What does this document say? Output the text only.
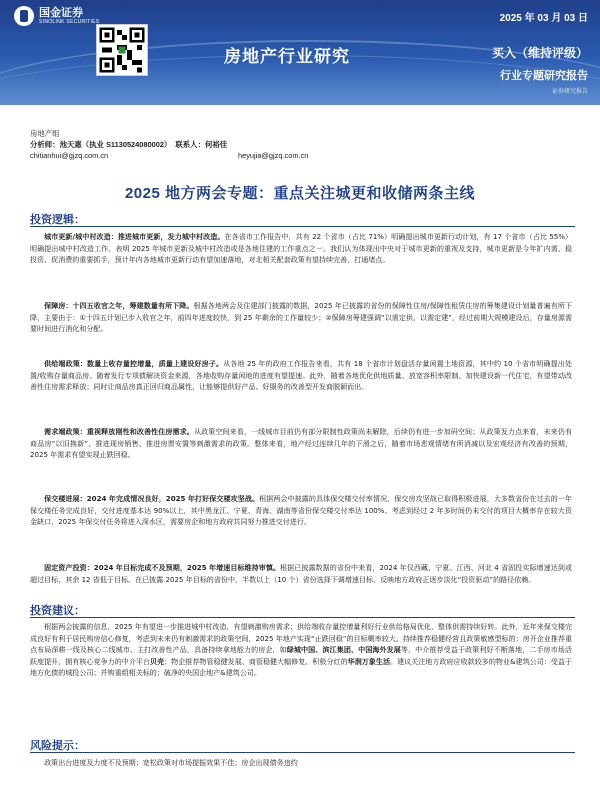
国金证券
SINOLINK SECURITIES	2025 年 03 月 03 日
房地产行业研究	买入（维持评级）
行业专题研究报告
证券研究报告
房地产组
分析师：池天惠（执业 S1130524080002） 联系人：何裕佳
chitianhui@gjzq.com.cn	heyujia@gjzq.com.cn
2025 地方两会专题：重点关注城更和收储两条主线
投资逻辑：
城市更新/城中村改造：推进城市更新，发力城中村改造。在各省市工作报告中，共有 22 个省市（占比 71%）明确提出城市更新行动计划，有 17 个省市（占比 55%）明确提出城中村改造工作，表明 2025 年城市更新及城中村改造或是各地住建的工作重点之一。我们认为体现出中央对于城市更新的重视及支持，城市更新是今年扩内需、稳投资、促消费的重要抓手，预计年内各地城市更新行动有望加速落地，对北相关配套政策有望持续完善，打通堵点。
保障房：十四五收官之年，筹建数量有所下降。根据各地两会及住建部门披露的数据，2025 年已披露的省份的保障性住房/保障性租赁住房的筹集建设计划量普遍有所下降，主要由于：①十四五计划已步入收官之年，前四年进度较快，到 25 年剩余的工作量较少；②保障房筹建强调“以需定供、以需定建”，经过前期大规模建设后，存量房源需要时间进行消化和分配。
供给端政策：数量上收存量控增量，质量上建设好房子。从各地 25 年的政府工作报告来看，共有 18 个省市计划盘活存量闲置土地资源，其中约 10 个省市明确提出处置/收购存量商品房。随着发行专项债解决资金来源，各地收购存量闲地的进度有望提速。此外，随着各地优化供地质量、放宽容积率限制、加快建设新一代住宅，有望带动改善性住房需求释放；同时让商品房真正回归商品属性，让能够提供好产品、好服务的改善型开发商脱颖而出。
需求端政策：重视释放刚性和改善性住房需求。从政策空间来看，一线城市目前仍有部分限制性政策尚未解除，后续仍有进一步加码空间；从政策发力点来看，未来仍有商品房“以旧换新”、推进现房销售、推进房票安置等刺激需求的政策。整体来看，地产经过连续几年的下滑之后，随着市场悲观情绪有所消减以及宏观经济有改善的预期，2025 年需求有望实现止跌回稳。
保交楼进展：2024 年完成情况良好，2025 年打好保交楼攻坚战。根据两会中披露的具体保交楼交付率情况，保交房攻坚战已取得积极进展，大多数省份在过去的一年保交楼任务完成良好，交付进度基本达 90%以上，其中黑龙江、宁夏、青海、湖南等省份保交楼交付率达 100%。考虑到经过 2 年多时间仍未交付的项目大概率存在较大资金缺口，2025 年保交付任务将进入深水区，需要房企和地方政府共同努力推进交付进行。
固定资产投资：2024 年目标完成不及预期，2025 年增速目标维持审慎。根据已披露数据的省份中来看，2024 年仅西藏、宁夏、江西、河北 4 省固投实际增速达到或超过目标，其余 12 省低于目标。在已披露 2025 年目标的省份中，半数以上（10 个）省份选择下调增速目标，反映地方政府正逐步淡化“投资驱动”的路径依赖。
投资建议：
根据两会披露的信息，2025 年有望进一步推进城中村改造，有望刺激购房需求；供给端收存量控增量利好行业供给格局优化，整体供需持续好转。此外，近年来保交楼完成良好有利于居民购房信心修复，考虑到未来仍有刺激需求的政策空间，2025 年地产实现“止跌回稳”的目标概率较大。持续推荐稳健经营且政策敏感型标的：房开企业推荐重点布局深耕一线及核心二线城市、主打改善性产品，具备持续拿地能力的房企，如绿城中国、滨江集团、中国海外发展等，中介推荐受益于政策利好不断落地，二手房市场活跃度提升，拥有核心竞争力的中介平台贝壳；物企推荐物管稳健发展、商管稳健大幅修复、积极分红的华润万象生活。建议关注地方政府应收款较多的物业&建筑公司：受益于地方化债的城投公司；并购重组相关标的；破净的央国企地产&建筑公司。
风险提示：
政策出台进度及力度不及预期；宽松政策对市场提振效果不佳；房企出现债务违约
